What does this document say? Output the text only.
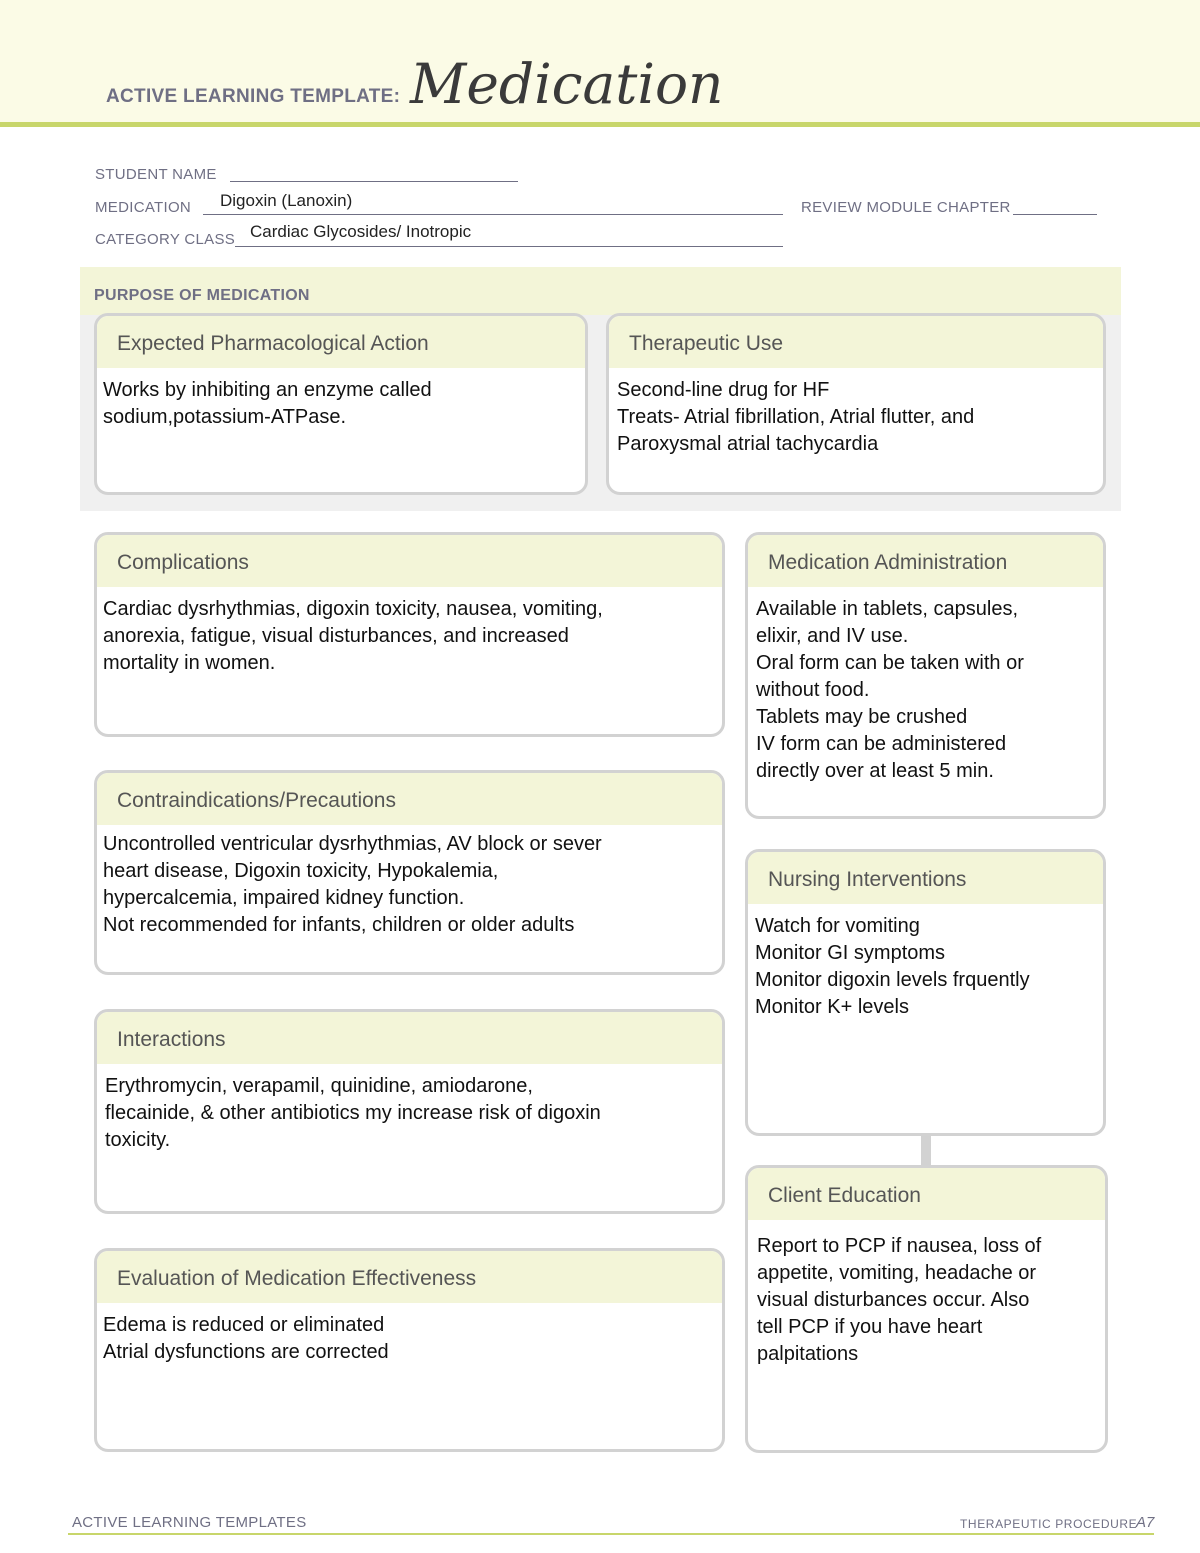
ACTIVE LEARNING TEMPLATE: Medication
STUDENT NAME
MEDICATION Digoxin (Lanoxin)	REVIEW MODULE CHAPTER
CATEGORY CLASS Cardiac Glycosides/ Inotropic
PURPOSE OF MEDICATION
Expected Pharmacological Action

Works by inhibiting an enzyme called

sodium,potassium-ATPase.

Therapeutic Use

Second-line drug for HF

Treats- Atrial fibrillation, Atrial flutter, and

Paroxysmal atrial tachycardia

Complications

Cardiac dysrhythmias, digoxin toxicity, nausea, vomiting,

anorexia, fatigue, visual disturbances, and increased

mortality in women.

Contraindications/Precautions

Uncontrolled ventricular dysrhythmias, AV block or sever

heart disease, Digoxin toxicity, Hypokalemia,

hypercalcemia, impaired kidney function.

Not recommended for infants, children or older adults

Interactions

Erythromycin, verapamil, quinidine, amiodarone,

flecainide, & other antibiotics my increase risk of digoxin

toxicity.

Evaluation of Medication Effectiveness

Edema is reduced or eliminated

Atrial dysfunctions are corrected

Medication Administration

Available in tablets, capsules,

elixir, and IV use.

Oral form can be taken with or

without food.

Tablets may be crushed

IV form can be administered

directly over at least 5 min.

Nursing Interventions

Watch for vomiting

Monitor GI symptoms

Monitor digoxin levels frquently

Monitor K+ levels

Client Education

Report to PCP if nausea, loss of

appetite, vomiting, headache or

visual disturbances occur. Also

tell PCP if you have heart

palpitations

ACTIVE LEARNING TEMPLATES	THERAPEUTIC PROCEDURE
A7
